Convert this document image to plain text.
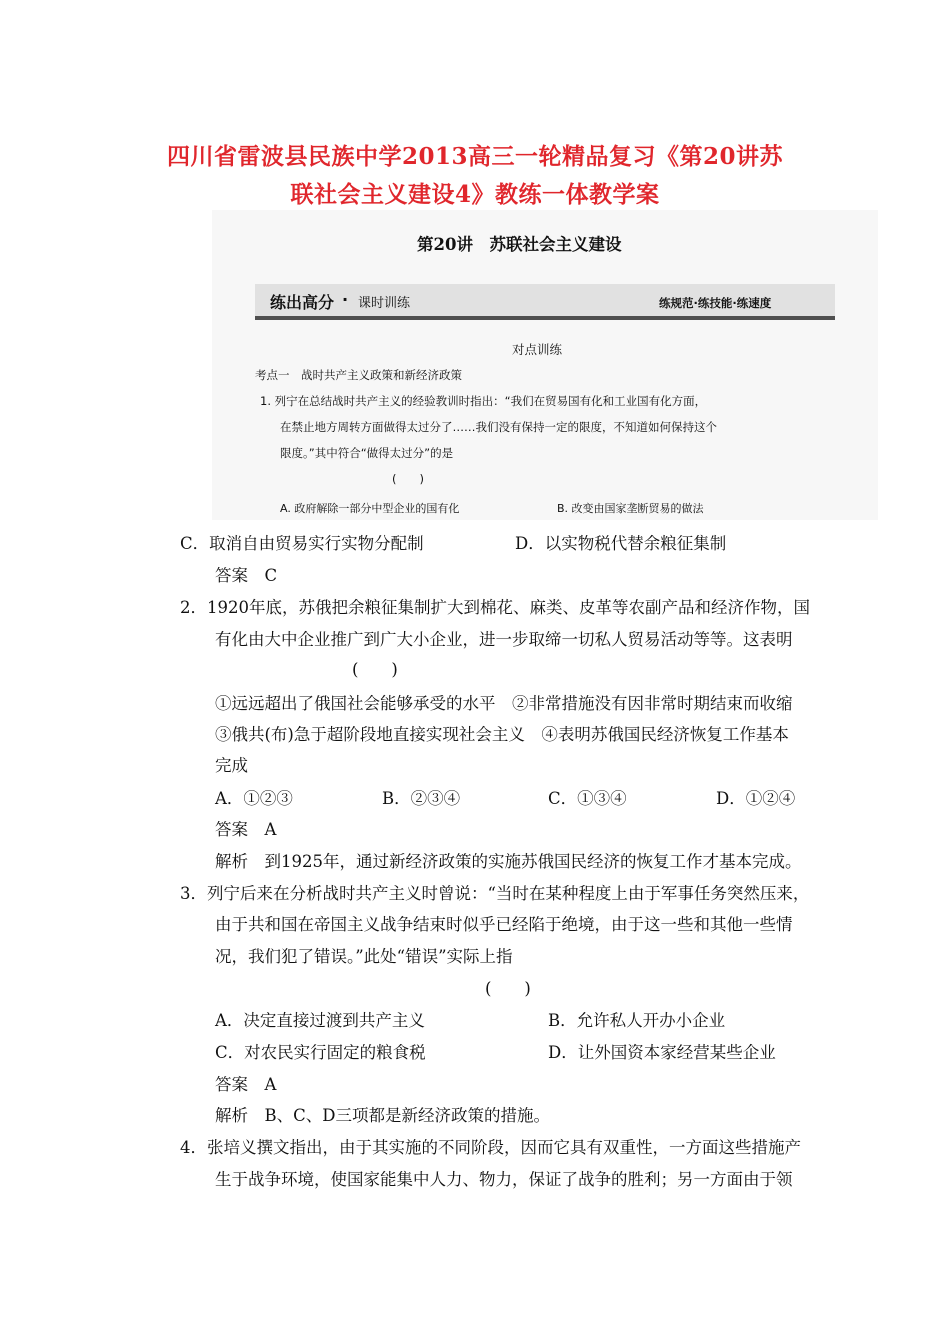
四川省雷波县民族中学2013高三一轮精品复习《第20讲苏
联社会主义建设4》教练一体教学案
第20讲　苏联社会主义建设
练出高分 · 课时训练	练规范·练技能·练速度
对点训练
考点一　战时共产主义政策和新经济政策
1. 列宁在总结战时共产主义的经验教训时指出：“我们在贸易国有化和工业国有化方面，
在禁止地方周转方面做得太过分了……我们没有保持一定的限度，不知道如何保持这个
限度。”其中符合“做得太过分”的是
(　　)
A. 政府解除一部分中型企业的国有化	B. 改变由国家垄断贸易的做法
C．取消自由贸易实行实物分配制	D．以实物税代替余粮征集制
答案　C
2．1920年底，苏俄把余粮征集制扩大到棉花、麻类、皮革等农副产品和经济作物，国
有化由大中企业推广到广大小企业，进一步取缔一切私人贸易活动等等。这表明
(　　)
①远远超出了俄国社会能够承受的水平　②非常措施没有因非常时期结束而收缩
③俄共(布)急于超阶段地直接实现社会主义　④表明苏俄国民经济恢复工作基本
完成
A．①②③	B．②③④	C．①③④	D．①②④
答案　A
解析　到1925年，通过新经济政策的实施苏俄国民经济的恢复工作才基本完成。
3．列宁后来在分析战时共产主义时曾说：“当时在某种程度上由于军事任务突然压来，
由于共和国在帝国主义战争结束时似乎已经陷于绝境，由于这一些和其他一些情
况，我们犯了错误。”此处“错误”实际上指
(　　)
A．决定直接过渡到共产主义	B．允许私人开办小企业
C．对农民实行固定的粮食税	D．让外国资本家经营某些企业
答案　A
解析　B、C、D三项都是新经济政策的措施。
4．张培义撰文指出，由于其实施的不同阶段，因而它具有双重性，一方面这些措施产
生于战争环境，使国家能集中人力、物力，保证了战争的胜利；另一方面由于领
